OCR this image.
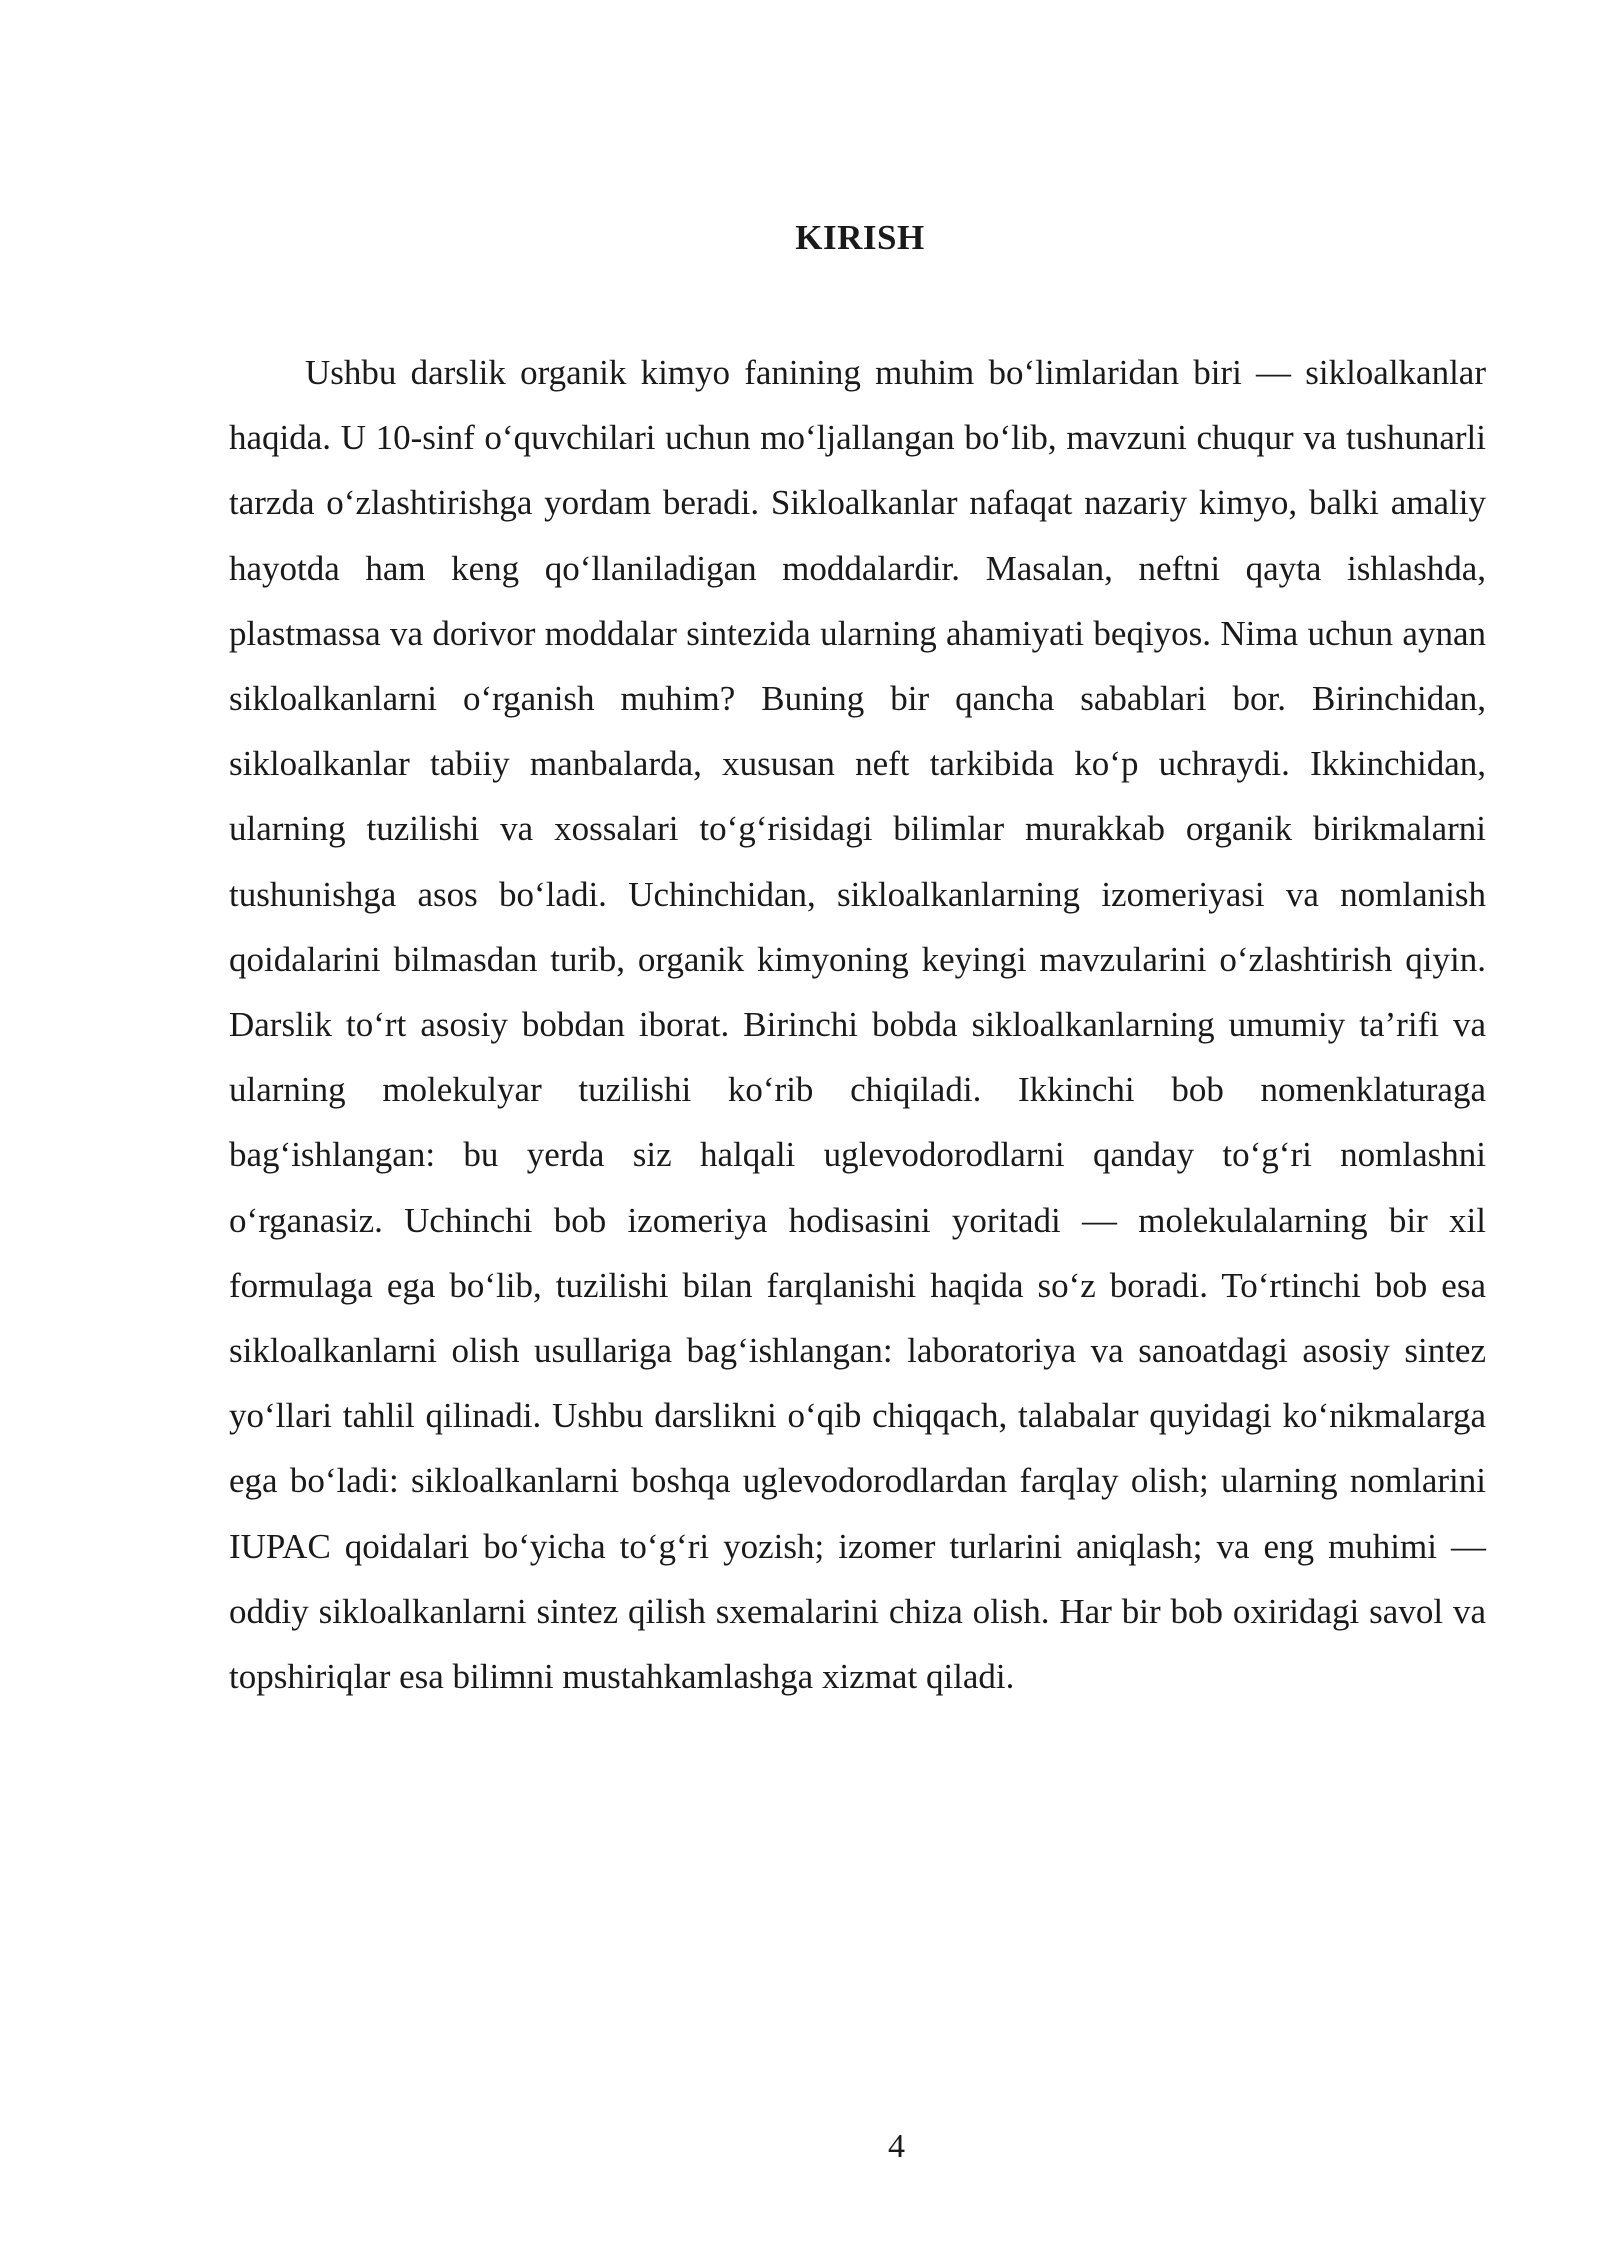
KIRISH

Ushbu darslik organik kimyo fanining muhim bo‘limlaridan biri — sikloalkanlar haqida. U 10-sinf o‘quvchilari uchun mo‘ljallangan bo‘lib, mavzuni chuqur va tushunarli tarzda o‘zlashtirishga yordam beradi. Sikloalkanlar nafaqat nazariy kimyo, balki amaliy hayotda ham keng qo‘llaniladigan moddalardir. Masalan, neftni qayta ishlashda, plastmassa va dorivor moddalar sintezida ularning ahamiyati beqiyos. Nima uchun aynan sikloalkanlarni o‘rganish muhim? Buning bir qancha sabablari bor. Birinchidan, sikloalkanlar tabiiy manbalarda, xususan neft tarkibida ko‘p uchraydi. Ikkinchidan, ularning tuzilishi va xossalari to‘g‘risidagi bilimlar murakkab organik birikmalarni tushunishga asos bo‘ladi. Uchinchidan, sikloalkanlarning izomeriyasi va nomlanish qoidalarini bilmasdan turib, organik kimyoning keyingi mavzularini o‘zlashtirish qiyin. Darslik to‘rt asosiy bobdan iborat. Birinchi bobda sikloalkanlarning umumiy ta’rifi va ularning molekulyar tuzilishi ko‘rib chiqiladi. Ikkinchi bob nomenklaturaga bag‘ishlangan: bu yerda siz halqali uglevodorodlarni qanday to‘g‘ri nomlashni o‘rganasiz. Uchinchi bob izomeriya hodisasini yoritadi — molekulalarning bir xil formulaga ega bo‘lib, tuzilishi bilan farqlanishi haqida so‘z boradi. To‘rtinchi bob esa sikloalkanlarni olish usullariga bag‘ishlangan: laboratoriya va sanoatdagi asosiy sintez yo‘llari tahlil qilinadi. Ushbu darslikni o‘qib chiqqach, talabalar quyidagi ko‘nikmalarga ega bo‘ladi: sikloalkanlarni boshqa uglevodorodlardan farqlay olish; ularning nomlarini IUPAC qoidalari bo‘yicha to‘g‘ri yozish; izomer turlarini aniqlash; va eng muhimi — oddiy sikloalkanlarni sintez qilish sxemalarini chiza olish. Har bir bob oxiridagi savol va topshiriqlar esa bilimni mustahkamlashga xizmat qiladi.

4
